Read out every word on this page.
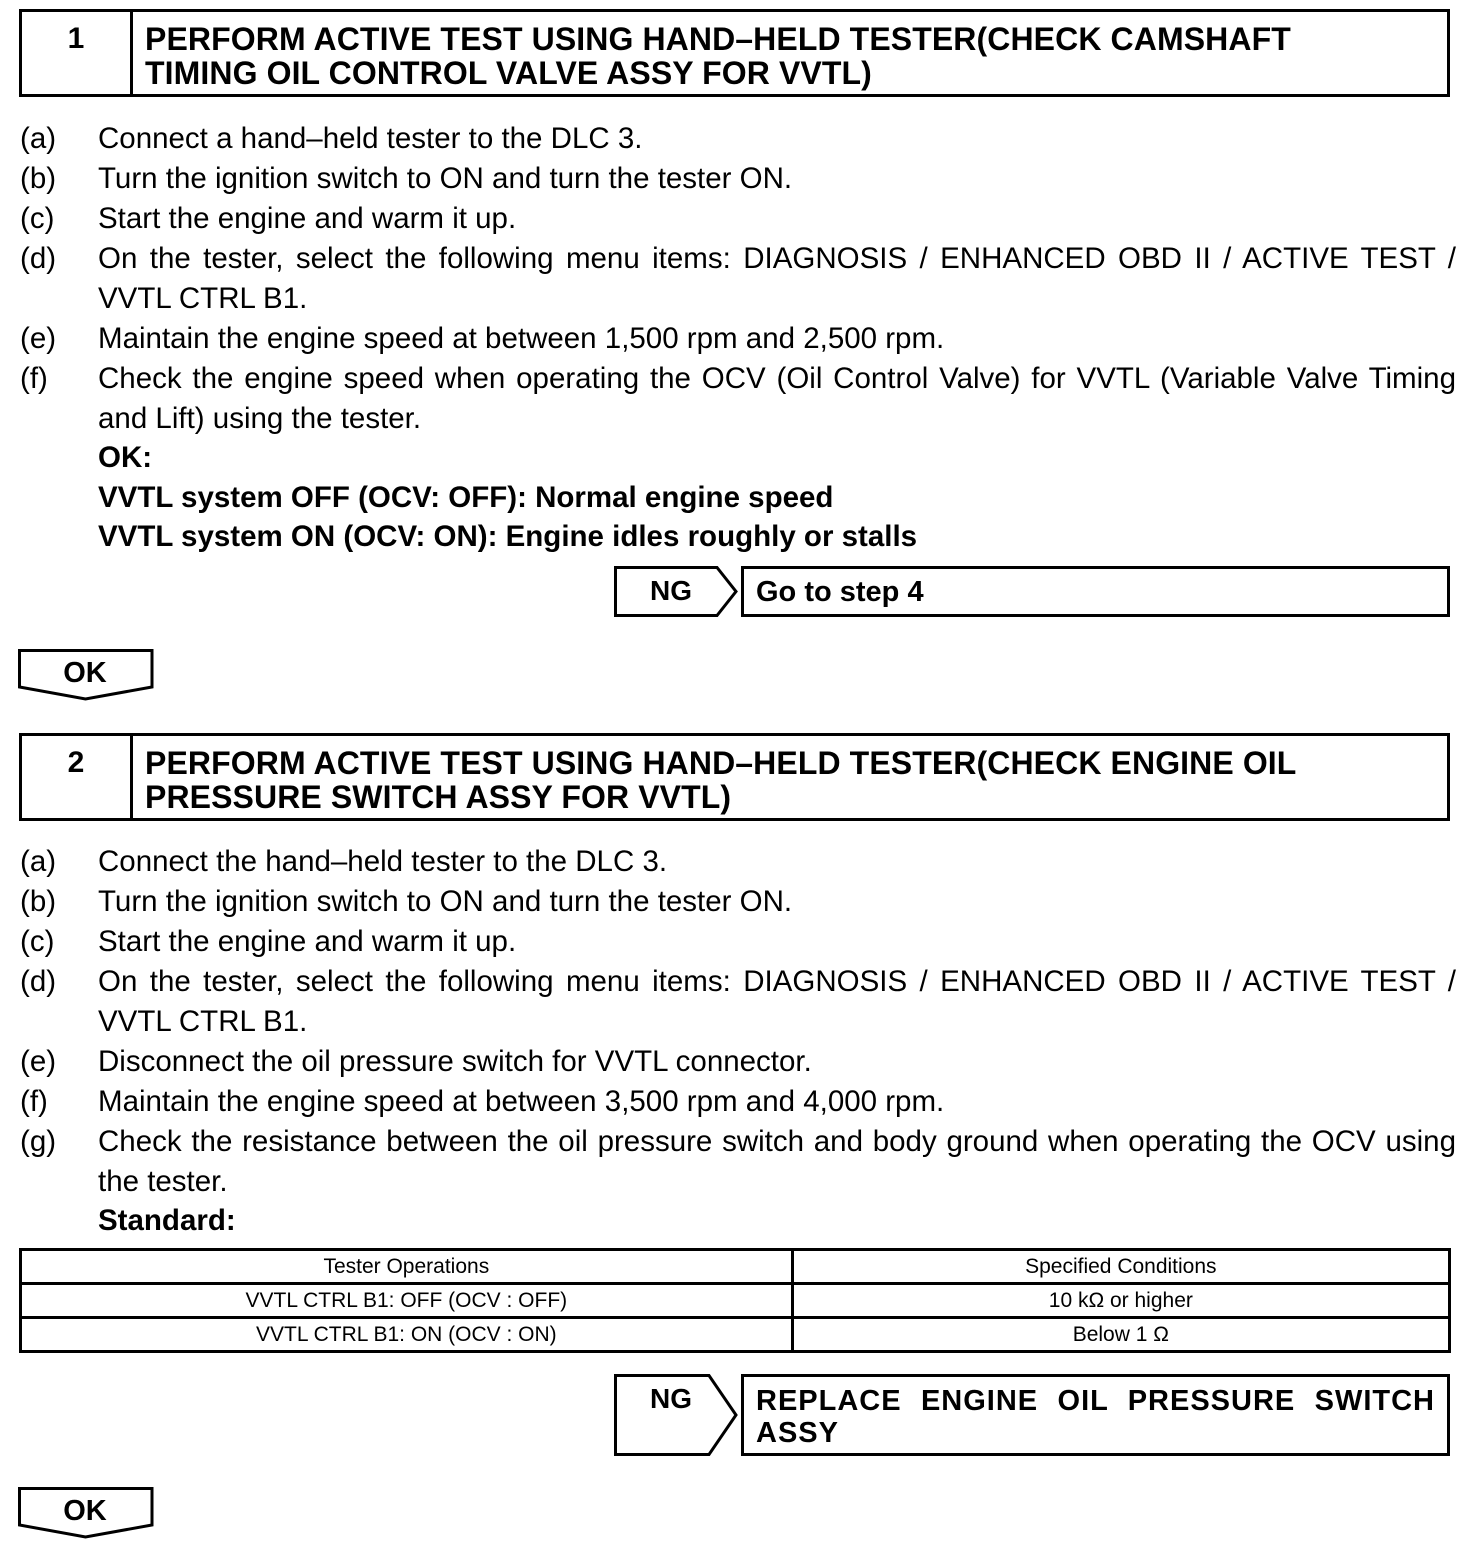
1	PERFORM ACTIVE TEST USING HAND–HELD TESTER(CHECK CAMSHAFT
TIMING OIL CONTROL VALVE ASSY FOR VVTL)
(a)	Connect a hand–held tester to the DLC 3.
(b)	Turn the ignition switch to ON and turn the tester ON.
(c)	Start the engine and warm it up.
(d)	On the tester, select the following menu items: DIAGNOSIS / ENHANCED OBD II / ACTIVE TEST / VVTL CTRL B1.
(e)	Maintain the engine speed at between 1,500 rpm and 2,500 rpm.
(f)	Check the engine speed when operating the OCV (Oil Control Valve) for VVTL (Variable Valve Timing and Lift) using the tester.
OK:
VVTL system OFF (OCV: OFF): Normal engine speed
VVTL system ON (OCV: ON): Engine idles roughly or stalls
NG	Go to step 4
OK
2	PERFORM ACTIVE TEST USING HAND–HELD TESTER(CHECK ENGINE OIL
PRESSURE SWITCH ASSY FOR VVTL)
(a)	Connect the hand–held tester to the DLC 3.
(b)	Turn the ignition switch to ON and turn the tester ON.
(c)	Start the engine and warm it up.
(d)	On the tester, select the following menu items: DIAGNOSIS / ENHANCED OBD II / ACTIVE TEST / VVTL CTRL B1.
(e)	Disconnect the oil pressure switch for VVTL connector.
(f)	Maintain the engine speed at between 3,500 rpm and 4,000 rpm.
(g)	Check the resistance between the oil pressure switch and body ground when operating the OCV using the tester.
Standard:
Tester Operations	Specified Conditions
VVTL CTRL B1: OFF (OCV : OFF)	10 kΩ or higher
VVTL CTRL B1: ON (OCV : ON)	Below 1 Ω
NG	REPLACE ENGINE OIL PRESSURE SWITCH ASSY
OK
